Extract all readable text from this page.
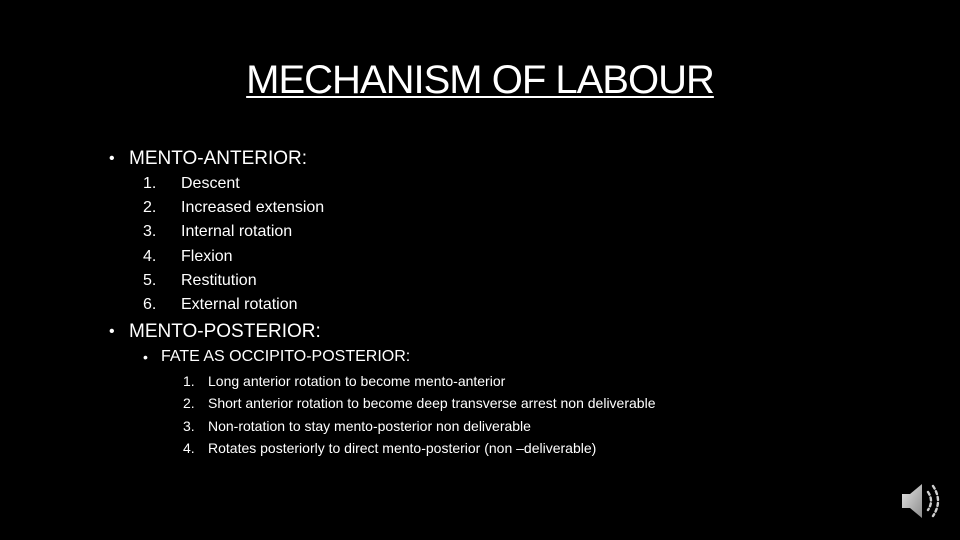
MECHANISM OF LABOUR
• MENTO-ANTERIOR:
1. Descent
2. Increased extension
3. Internal rotation
4. Flexion
5. Restitution
6. External rotation
• MENTO-POSTERIOR:
• FATE AS OCCIPITO-POSTERIOR:
1. Long anterior rotation to become mento-anterior
2. Short anterior rotation to become deep transverse arrest non deliverable
3. Non-rotation to stay mento-posterior non deliverable
4. Rotates posteriorly to direct mento-posterior (non –deliverable)
